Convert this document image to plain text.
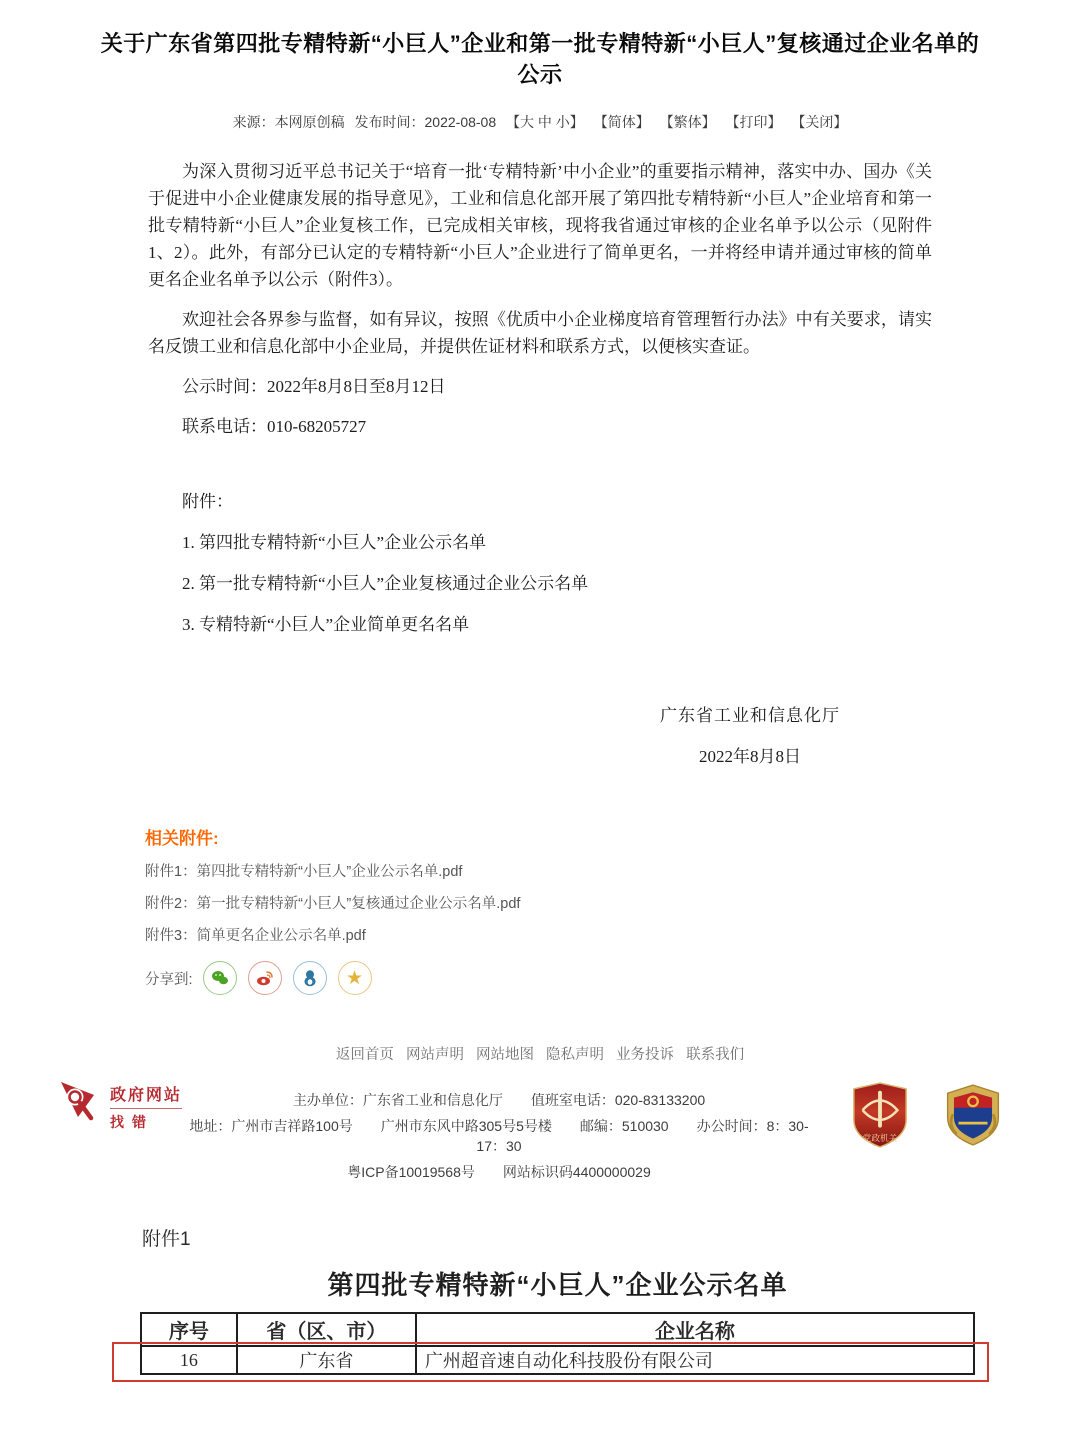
关于广东省第四批专精特新“小巨人”企业和第一批专精特新“小巨人”复核通过企业名单的公示
来源：本网原创稿 发布时间：2022-08-08 【大 中 小】 【简体】 【繁体】 【打印】 【关闭】

为深入贯彻习近平总书记关于“培育一批‘专精特新’中小企业”的重要指示精神，落实中办、国办《关于促进中小企业健康发展的指导意见》，工业和信息化部开展了第四批专精特新“小巨人”企业培育和第一批专精特新“小巨人”企业复核工作，已完成相关审核，现将我省通过审核的企业名单予以公示（见附件1、2）。此外，有部分已认定的专精特新“小巨人”企业进行了简单更名，一并将经申请并通过审核的简单更名企业名单予以公示（附件3）。

欢迎社会各界参与监督，如有异议，按照《优质中小企业梯度培育管理暂行办法》中有关要求，请实名反馈工业和信息化部中小企业局，并提供佐证材料和联系方式，以便核实查证。

公示时间：2022年8月8日至8月12日

联系电话：010-68205727

附件：

1. 第四批专精特新“小巨人”企业公示名单

2. 第一批专精特新“小巨人”企业复核通过企业公示名单

3. 专精特新“小巨人”企业简单更名名单

广东省工业和信息化厅
2022年8月8日
相关附件:
附件1：第四批专精特新“小巨人”企业公示名单.pdf
附件2：第一批专精特新“小巨人”复核通过企业公示名单.pdf
附件3：简单更名企业公示名单.pdf
分享到:	★
返回首页 网站声明 网站地图 隐私声明 业务投诉 联系我们
政府网站
找错
主办单位：广东省工业和信息化厅　　值班室电话：020-83133200
地址：广州市吉祥路100号　　广州市东风中路305号5号楼　　邮编：510030　　办公时间：8：30-17：30
粤ICP备10019568号　　网站标识码4400000029
党政机关
附件1
第四批专精特新“小巨人”企业公示名单
序号	省（区、市）	企业名称
16	广东省	广州超音速自动化科技股份有限公司
